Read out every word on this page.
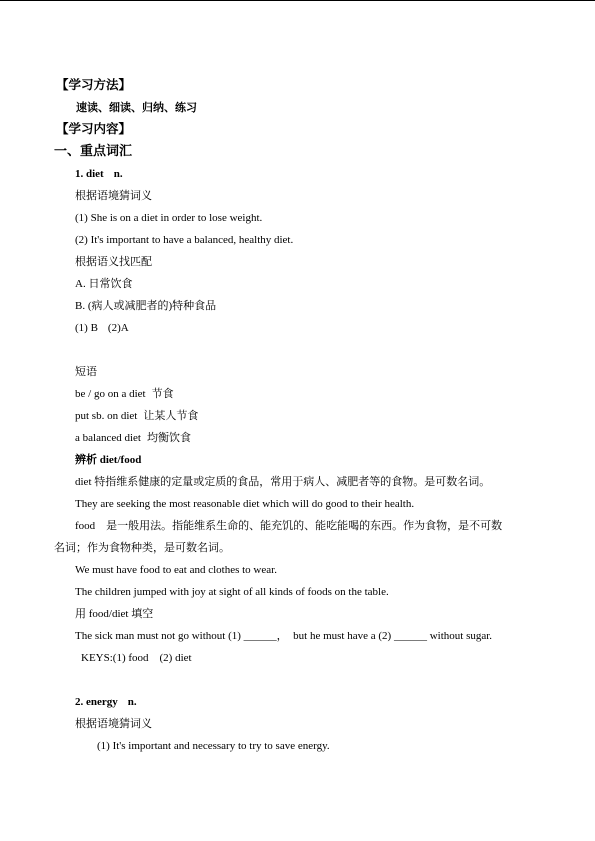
【学习方法】
速读、细读、归纳、练习
【学习内容】
一、重点词汇
1. diet n.
根据语境猜词义
(1) She is on a diet in order to lose weight.
(2) It's important to have a balanced, healthy diet.
根据语义找匹配
A. 日常饮食
B. (病人或减肥者的)特种食品
(1) B (2)A
短语
be / go on a diet 节食
put sb. on diet 让某人节食
a balanced diet 均衡饮食
辨析 diet/food
diet 特指维系健康的定量或定质的食品，常用于病人、减肥者等的食物。是可数名词。
They are seeking the most reasonable diet which will do good to their health.
food　是一般用法。指能维系生命的、能充饥的、能吃能喝的东西。作为食物，是不可数
名词；作为食物种类，是可数名词。
We must have food to eat and clothes to wear.
The children jumped with joy at sight of all kinds of foods on the table.
用 food/diet 填空
The sick man must not go without (1) ______，　but he must have a (2) ______ without sugar.
KEYS:(1) food　(2) diet
2. energy n.
根据语境猜词义
(1) It's important and necessary to try to save energy.
